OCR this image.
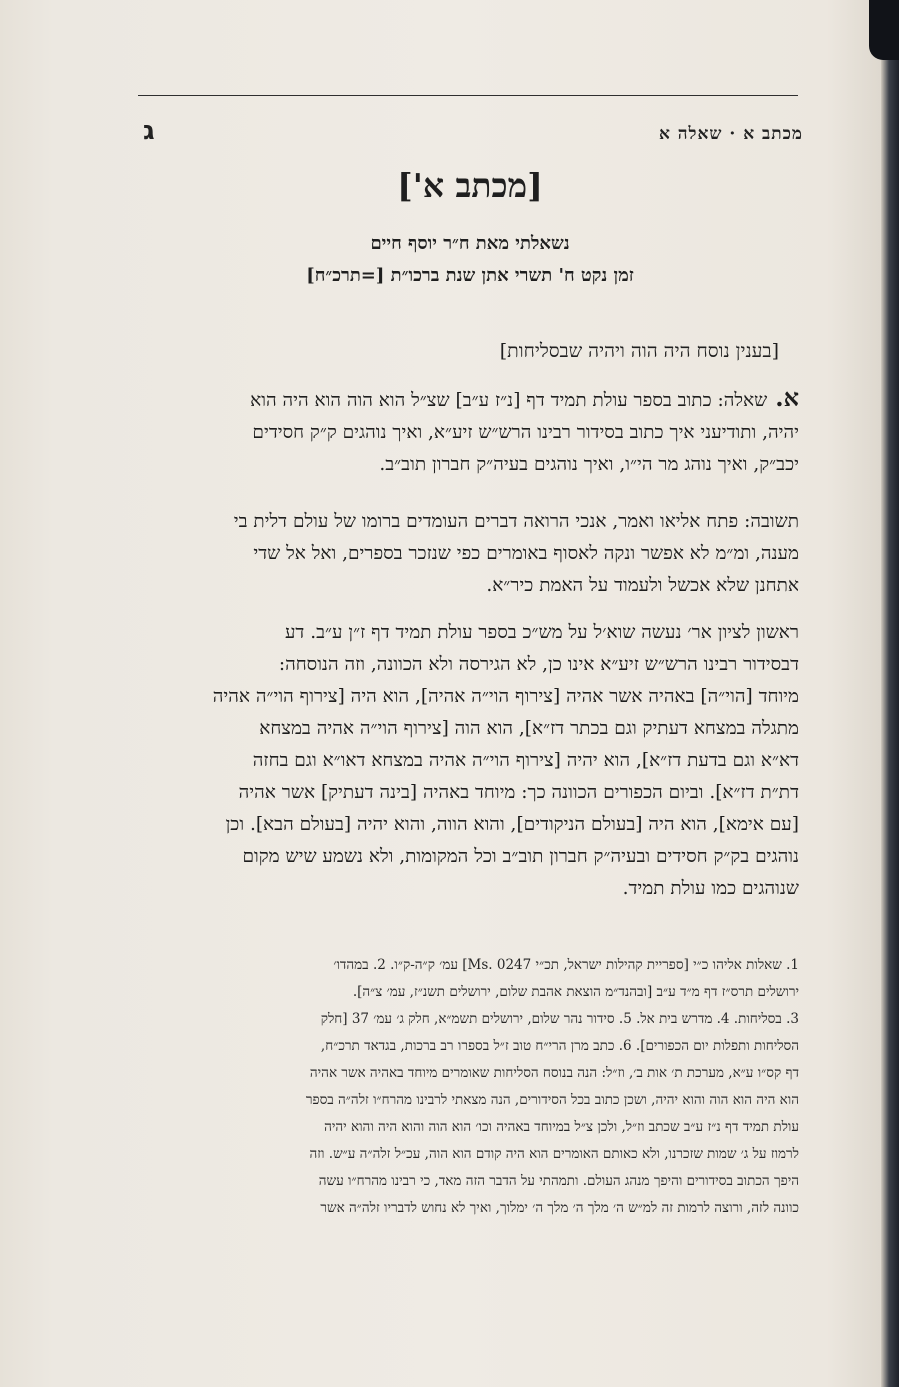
מכתב א · שאלה א
ג
[מכתב א']
נשאלתי מאת ח״ר יוסף חיים
זמן נקט ח' תשרי אתן שנת ברכו״ת [=תרכ״ח]
[בענין נוסח היה הוה ויהיה שבסליחות]
א.שאלה: כתוב בספר עולת תמיד דף [נ״ז ע״ב] שצ״ל הוא הוה הוא היה הוא
יהיה, ותודיעני איך כתוב בסידור רבינו הרש״ש זיע״א, ואיך נוהגים ק״ק חסידים
יכב״ק, ואיך נוהג מר הי״ו, ואיך נוהגים בעיה״ק חברון תוב״ב.
תשובה: פתח אליאו ואמר, אנכי הרואה דברים העומדים ברומו של עולם דלית בי
מענה, ומ״מ לא אפשר ונקה לאסוף באומרים כפי שנזכר בספרים, ואל אל שדי
אתחנן שלא אכשל ולעמוד על האמת כיר״א.
ראשון לציון אר׳ נעשה שוא׳ל על מש״כ בספר עולת תמיד דף ז״ן ע״ב. דע
דבסידור רבינו הרש״ש זיע״א אינו כן, לא הגירסה ולא הכוונה, וזה הנוסחה:
מיוחד [הוי״ה] באהיה אשר אהיה [צירוף הוי״ה אהיה], הוא היה [צירוף הוי״ה אהיה
מתגלה במצחא דעתיק וגם בכתר דז״א], הוא הוה [צירוף הוי״ה אהיה במצחא
דא״א וגם בדעת דז״א], הוא יהיה [צירוף הוי״ה אהיה במצחא דאו״א וגם בחזה
דת״ת דז״א]. וביום הכפורים הכוונה כך: מיוחד באהיה [בינה דעתיק] אשר אהיה
[עם אימא], הוא היה [בעולם הניקודים], והוא הווה, והוא יהיה [בעולם הבא]. וכן
נוהגים בק״ק חסידים ובעיה״ק חברון תוב״ב וכל המקומות, ולא נשמע שיש מקום
שנוהגים כמו עולת תמיד.
1. שאלות אליהו כ״י [ספריית קהילות ישראל, תכ״י Ms. 0247] עמ׳ ק״ה-ק״ו. 2. במהדו׳
ירושלים תרס״ז דף מ״ד ע״ב [ובהנד״מ הוצאת אהבת שלום, ירושלים תשנ״ז, עמ׳ צ״ה].
3. בסליחות. 4. מדרש בית אל. 5. סידור נהר שלום, ירושלים תשמ״א, חלק ג׳ עמ׳ 37 [חלק
הסליחות ותפלות יום הכפורים]. 6. כתב מרן הרי״ח טוב ז״ל בספרו רב ברכות, בגדאד תרכ״ח,
דף קס״ו ע״א, מערכת ת׳ אות ב׳, וז״ל: הנה בנוסח הסליחות שאומרים מיוחד באהיה אשר אהיה
הוא היה הוא הוה והוא יהיה, ושכן כתוב בכל הסידורים, הנה מצאתי לרבינו מהרח״ו זלה״ה בספר
עולת תמיד דף נ״ז ע״ב שכתב וז״ל, ולכן צ״ל במיוחד באהיה וכו׳ הוא הוה והוא היה והוא יהיה
לרמוז על ג׳ שמות שזכרנו, ולא כאותם האומרים הוא היה קודם הוא הוה, עכ״ל זלה״ה ע״ש. וזה
היפך הכתוב בסידורים והיפך מנהג העולם. ותמהתי על הדבר הזה מאד, כי רבינו מהרח״ו עשה
כוונה לזה, ורוצה לרמות זה למ״ש ה׳ מלך ה׳ מלך ה׳ ימלוך, ואיך לא נחוש לדבריו זלה״ה אשר
